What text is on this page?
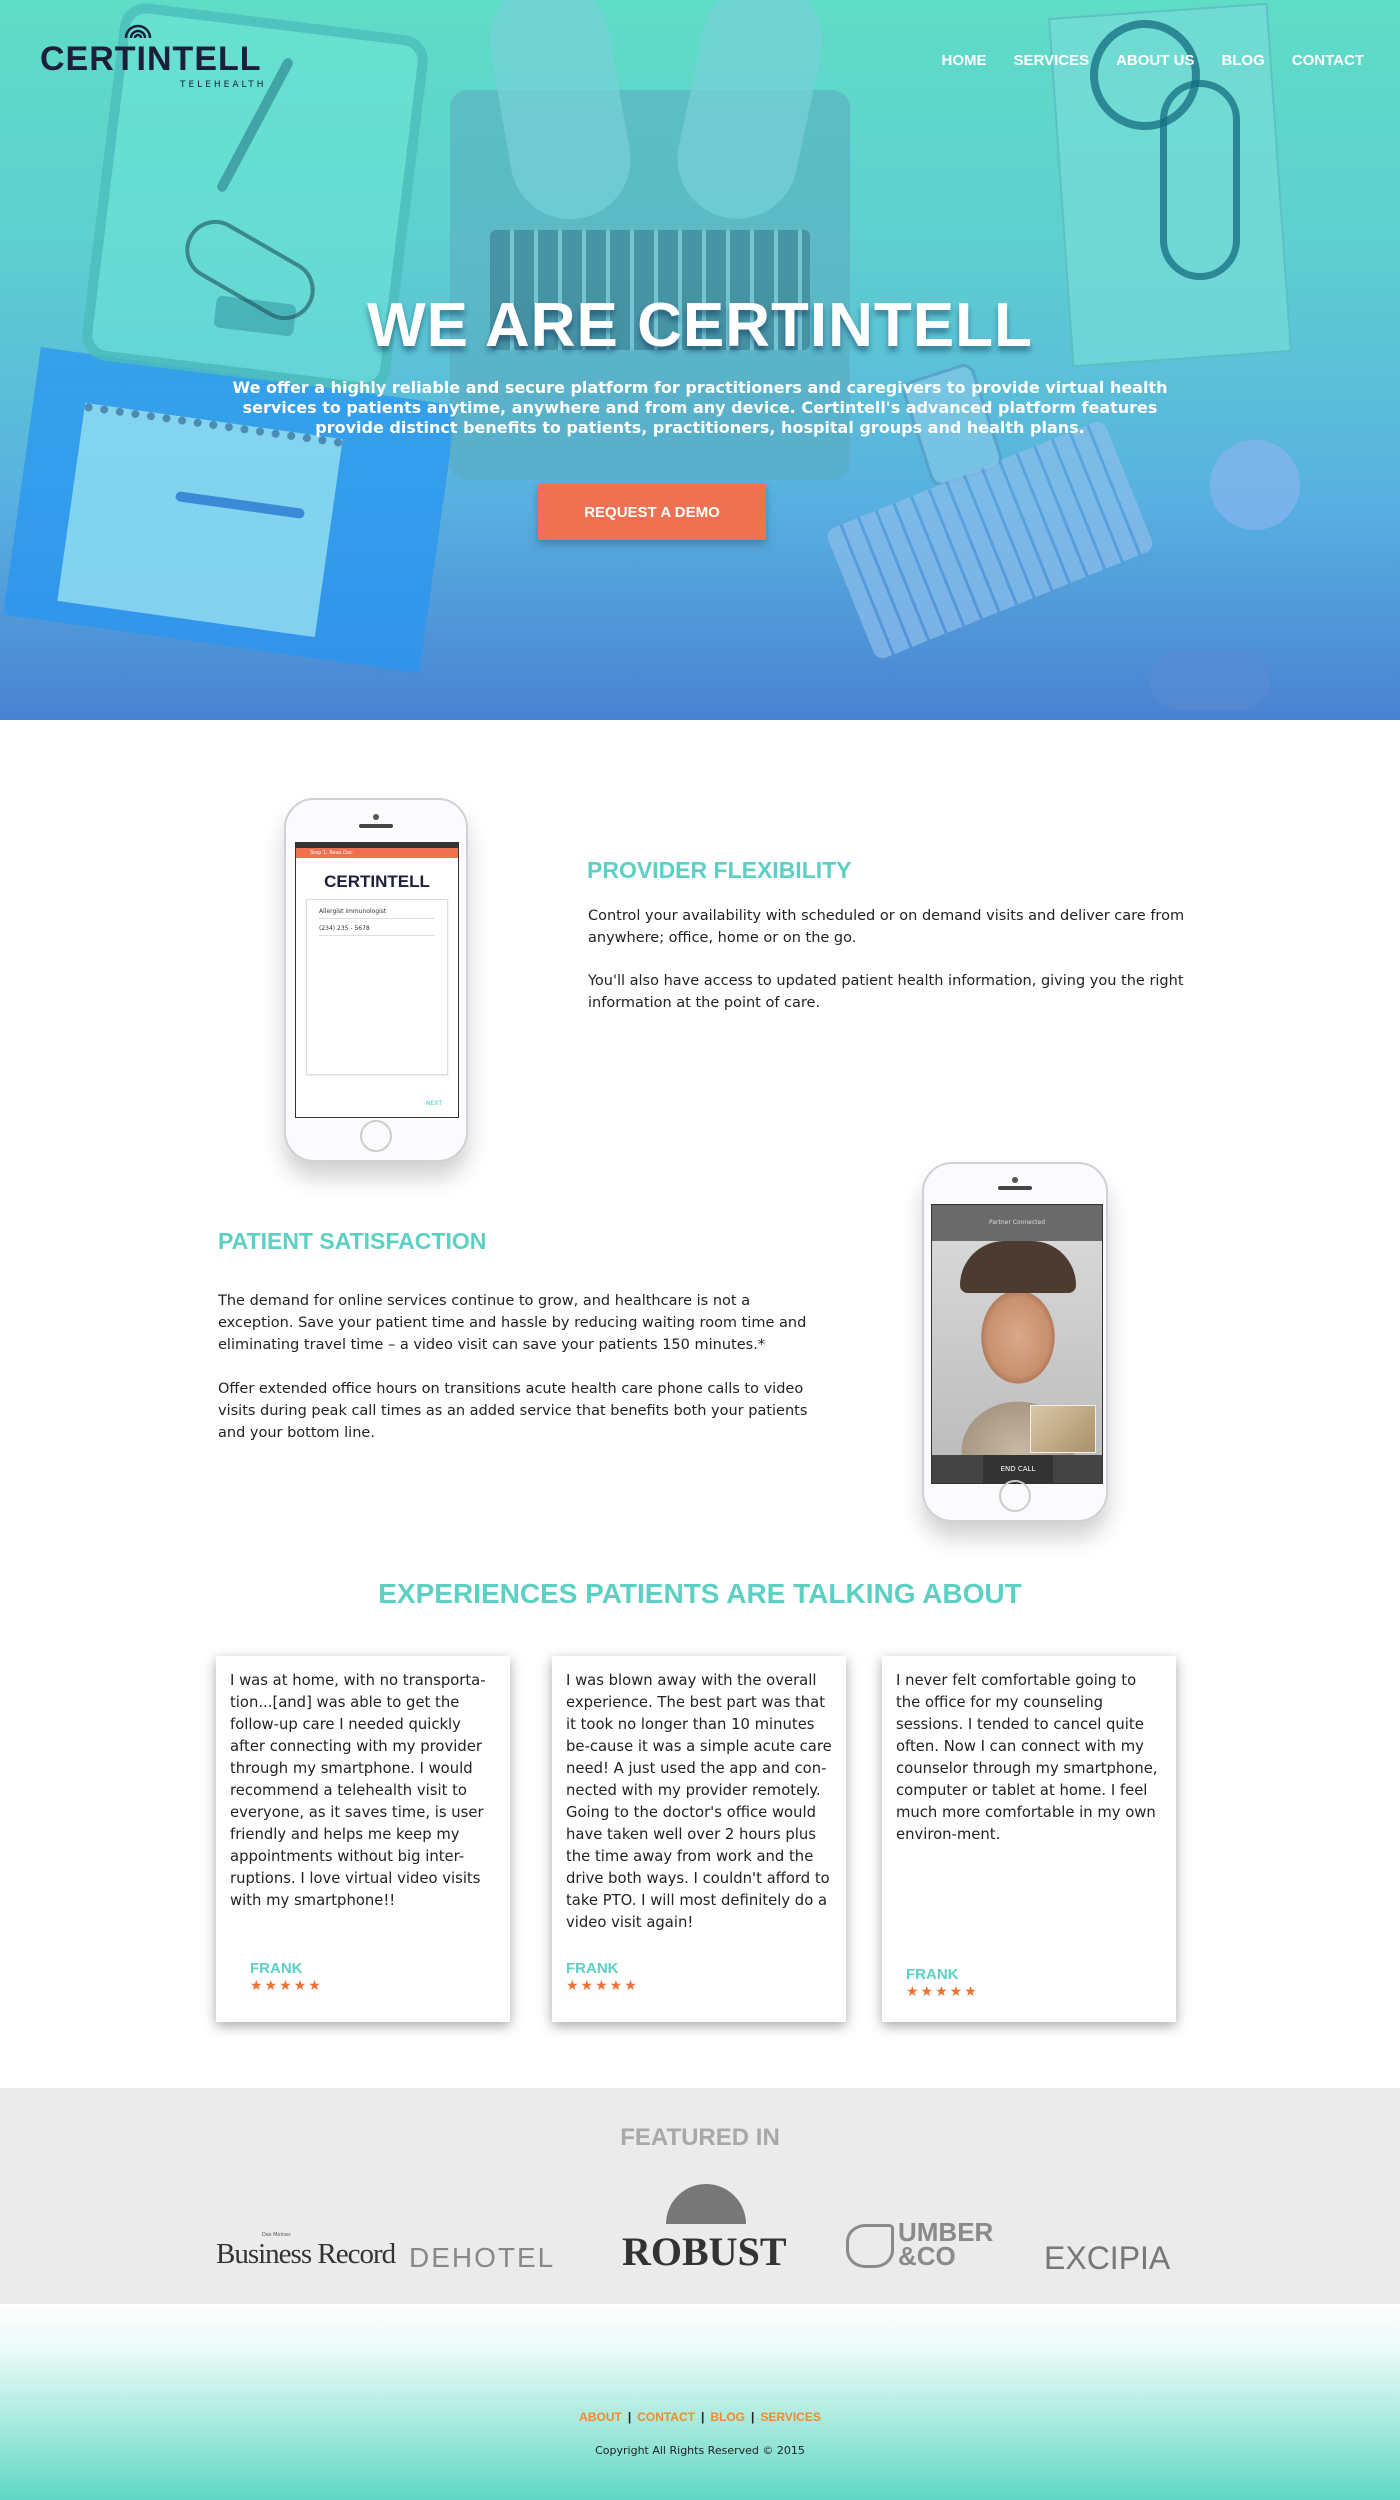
CERTINTELL
TELEHEALTH
HOME SERVICES ABOUT US BLOG CONTACT
WE ARE CERTINTELL

We offer a highly reliable and secure platform for practitioners and caregivers to provide virtual health services to patients anytime, anywhere and from any device. Certintell's advanced platform features provide distinct benefits to patients, practitioners, hospital groups and health plans.

REQUEST A DEMO
Step 1: Reas Doc
CERTINTELL
Allergist immunologist
(234) 235 - 5678
NEXT
PROVIDER FLEXIBILITY

Control your availability with scheduled or on demand visits and deliver care from anywhere; office, home or on the go.

You'll also have access to updated patient health information, giving you the right information at the point of care.

Partner Connected
END CALL
PATIENT SATISFACTION

The demand for online services continue to grow, and healthcare is not a exception. Save your patient time and hassle by reducing waiting room time and eliminating travel time – a video visit can save your patients 150 minutes.*

Offer extended office hours on transitions acute health care phone calls to video visits during peak call times as an added service that benefits both your patients and your bottom line.

EXPERIENCES PATIENTS ARE TALKING ABOUT

I was at home, with no transporta-tion...[and] was able to get the follow-up care I needed quickly after connecting with my provider through my smartphone. I would recommend a telehealth visit to everyone, as it saves time, is user friendly and helps me keep my appointments without big inter-ruptions. I love virtual video visits with my smartphone!!

FRANK
★★★★★

I was blown away with the overall experience. The best part was that it took no longer than 10 minutes be-cause it was a simple acute care need! A just used the app and con-nected with my provider remotely. Going to the doctor's office would have taken well over 2 hours plus the time away from work and the drive both ways. I couldn't afford to take PTO. I will most definitely do a video visit again!

FRANK
★★★★★

I never felt comfortable going to the office for my counseling sessions. I tended to cancel quite often. Now I can connect with my counselor through my smartphone, computer or tablet at home. I feel much more comfortable in my own environ-ment.

FRANK
★★★★★
FEATURED IN
Des Moines
Business Record DEHOTEL ROBUST	UMBER &CO	EXCIPIA
ABOUT | CONTACT | BLOG | SERVICES

Copyright All Rights Reserved © 2015
